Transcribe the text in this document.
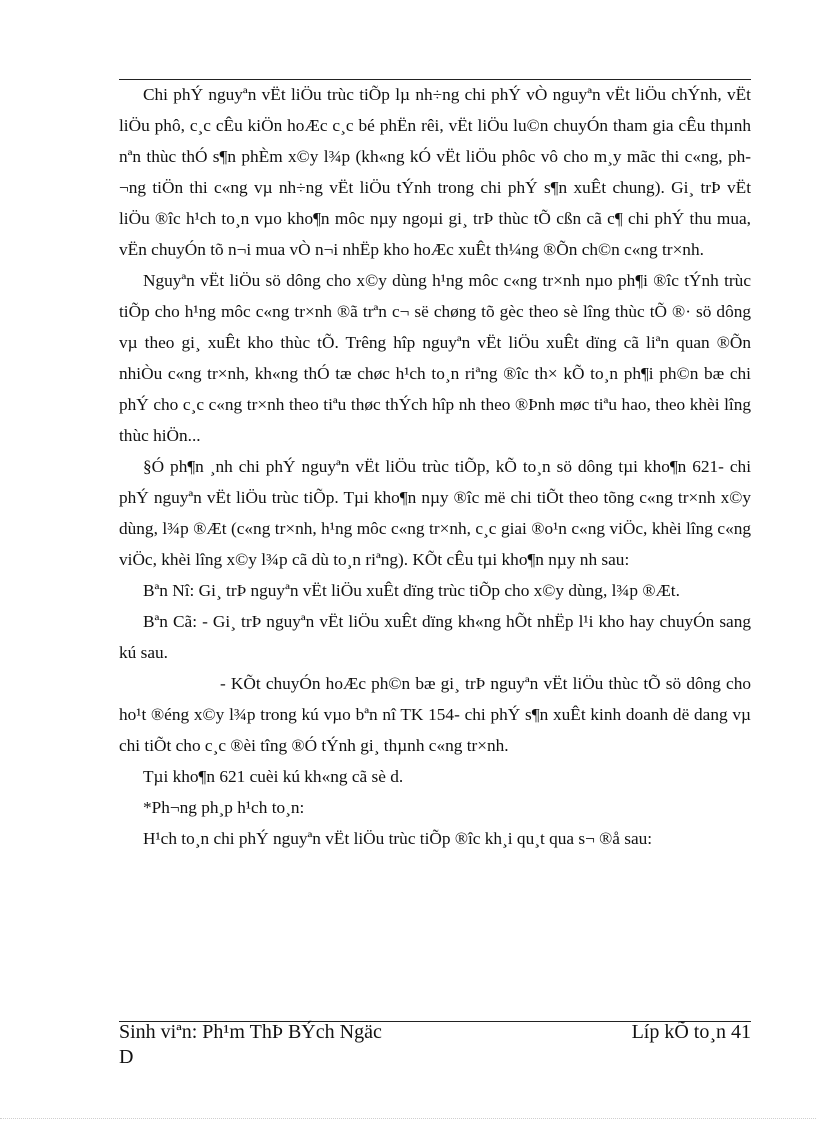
Chi phÝ nguyªn vËt liÖu trùc tiÕp lµ nh÷ng chi phÝ vÒ nguyªn vËt liÖu chÝnh, vËt liÖu phô, c¸c cÊu kiÖn hoÆc c¸c bé phËn rêi, vËt liÖu lu©n chuyÓn tham gia cÊu thµnh nªn thùc thÓ s¶n phÈm x©y l¾p (kh«ng kÓ vËt liÖu phôc vô cho m¸y mãc thi c«ng, ph¬ng tiÖn thi c«ng vµ nh÷ng vËt liÖu tÝnh trong chi phÝ s¶n xuÊt chung). Gi¸ trÞ vËt liÖu ®îc h¹ch to¸n vµo kho¶n môc nµy ngoµi gi¸ trÞ thùc tÕ cßn cã c¶ chi phÝ thu mua, vËn chuyÓn tõ n¬i mua vÒ n¬i nhËp kho hoÆc xuÊt th¼ng ®Õn ch©n c«ng tr×nh.

Nguyªn vËt liÖu sö dông cho x©y dùng h¹ng môc c«ng tr×nh nµo ph¶i ®îc tÝnh trùc tiÕp cho h¹ng môc c«ng tr×nh ®ã trªn c¬ së chøng tõ gèc theo sè lîng thùc tÕ ®· sö dông vµ theo gi¸ xuÊt kho thùc tÕ. Trêng hîp nguyªn vËt liÖu xuÊt dïng cã liªn quan ®Õn nhiÒu c«ng tr×nh, kh«ng thÓ tæ chøc h¹ch to¸n riªng ®îc th× kÕ to¸n ph¶i ph©n bæ chi phÝ cho c¸c c«ng tr×nh theo tiªu thøc thÝch hîp nh theo ®Þnh møc tiªu hao, theo khèi lîng thùc hiÖn...

§Ó ph¶n ¸nh chi phÝ nguyªn vËt liÖu trùc tiÕp, kÕ to¸n sö dông tµi kho¶n 621- chi phÝ nguyªn vËt liÖu trùc tiÕp. Tµi kho¶n nµy ®îc më chi tiÕt theo tõng c«ng tr×nh x©y dùng, l¾p ®Æt (c«ng tr×nh, h¹ng môc c«ng tr×nh, c¸c giai ®o¹n c«ng viÖc, khèi lîng c«ng viÖc, khèi lîng x©y l¾p cã dù to¸n riªng). KÕt cÊu tµi kho¶n nµy nh sau:

Bªn Nî: Gi¸ trÞ nguyªn vËt liÖu xuÊt dïng trùc tiÕp cho x©y dùng, l¾p ®Æt.

Bªn Cã: - Gi¸ trÞ nguyªn vËt liÖu xuÊt dïng kh«ng hÕt nhËp l¹i kho hay chuyÓn sang kú sau.

- KÕt chuyÓn hoÆc ph©n bæ gi¸ trÞ nguyªn vËt liÖu thùc tÕ sö dông cho ho¹t ®éng x©y l¾p trong kú vµo bªn nî TK 154- chi phÝ s¶n xuÊt kinh doanh dë dang vµ chi tiÕt cho c¸c ®èi tîng ®Ó tÝnh gi¸ thµnh c«ng tr×nh.

Tµi kho¶n 621 cuèi kú kh«ng cã sè d.

*Ph¬ng ph¸p h¹ch to¸n:

H¹ch to¸n chi phÝ nguyªn vËt liÖu trùc tiÕp ®îc kh¸i qu¸t qua s¬ ®å sau:

Sinh viªn: Ph¹m ThÞ BÝch Ngäc
D
Líp kÕ to¸n 41
